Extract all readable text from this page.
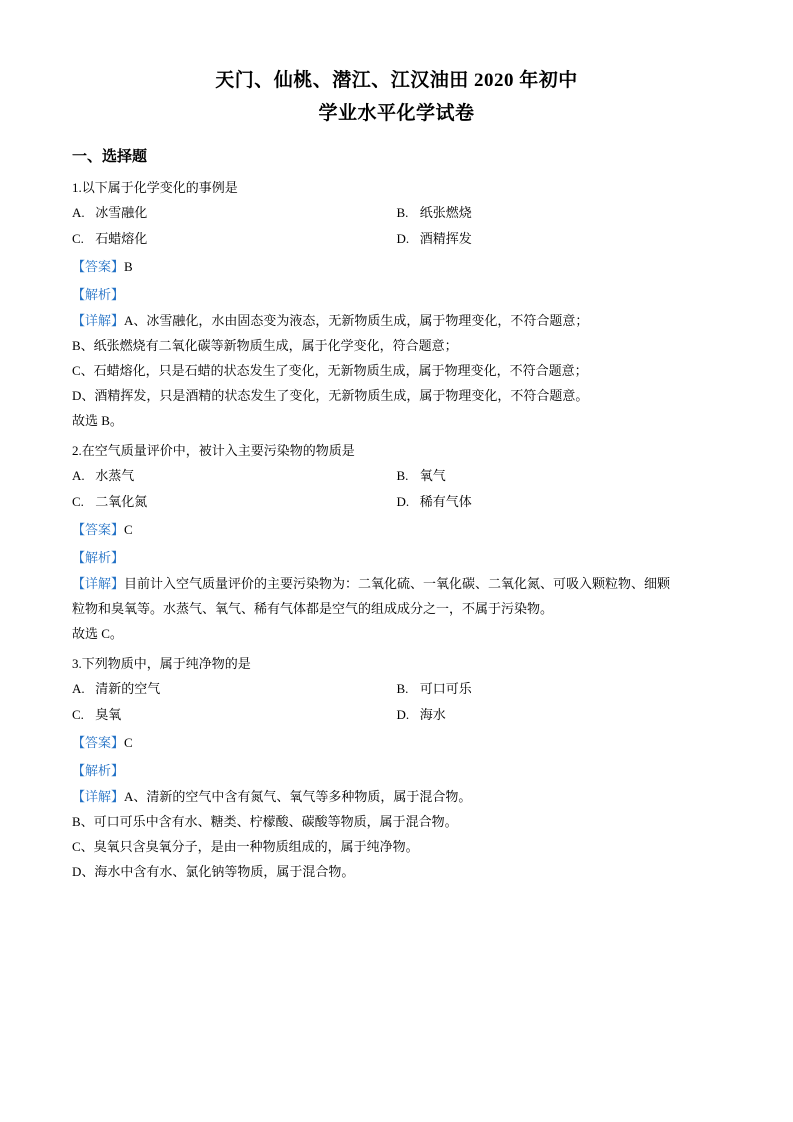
天门、仙桃、潜江、江汉油田 2020 年初中
学业水平化学试卷
一、选择题
1.以下属于化学变化的事例是
A. 冰雪融化	B. 纸张燃烧
C. 石蜡熔化	D. 酒精挥发
【答案】B
【解析】
【详解】A、冰雪融化，水由固态变为液态，无新物质生成，属于物理变化，不符合题意；
B、纸张燃烧有二氧化碳等新物质生成，属于化学变化，符合题意；
C、石蜡熔化，只是石蜡的状态发生了变化，无新物质生成，属于物理变化，不符合题意；
D、酒精挥发，只是酒精的状态发生了变化，无新物质生成，属于物理变化，不符合题意。
故选 B。
2.在空气质量评价中，被计入主要污染物的物质是
A. 水蒸气	B. 氧气
C. 二氧化氮	D. 稀有气体
【答案】C
【解析】
【详解】目前计入空气质量评价的主要污染物为：二氧化硫、一氧化碳、二氧化氮、可吸入颗粒物、细颗
粒物和臭氧等。水蒸气、氧气、稀有气体都是空气的组成成分之一，不属于污染物。
故选 C。
3.下列物质中，属于纯净物的是
A. 清新的空气	B. 可口可乐
C. 臭氧	D. 海水
【答案】C
【解析】
【详解】A、清新的空气中含有氮气、氧气等多种物质，属于混合物。
B、可口可乐中含有水、糖类、柠檬酸、碳酸等物质，属于混合物。
C、臭氧只含臭氧分子，是由一种物质组成的，属于纯净物。
D、海水中含有水、氯化钠等物质，属于混合物。
